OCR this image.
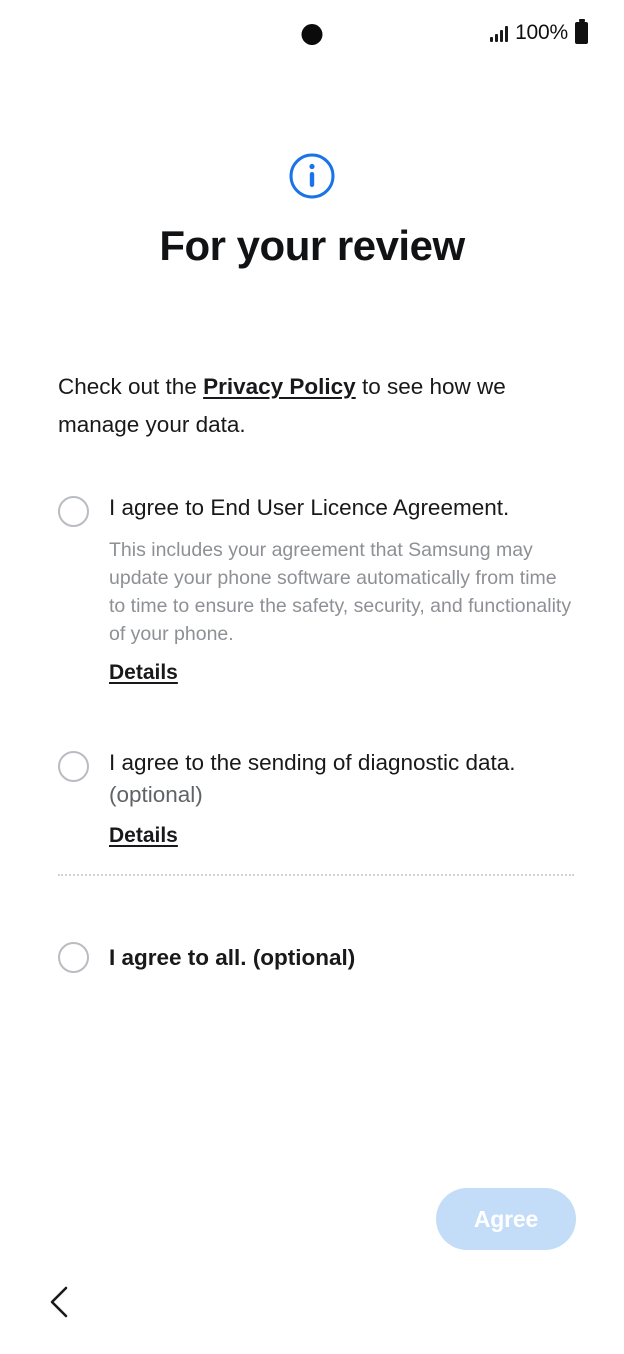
100%
For your review

Check out the Privacy Policy to see how we manage your data.

I agree to End User Licence Agreement.
This includes your agreement that Samsung may update your phone software automatically from time to time to ensure the safety, security, and functionality of your phone.
Details
I agree to the sending of diagnostic data. (optional)
Details
I agree to all. (optional)
Agree
